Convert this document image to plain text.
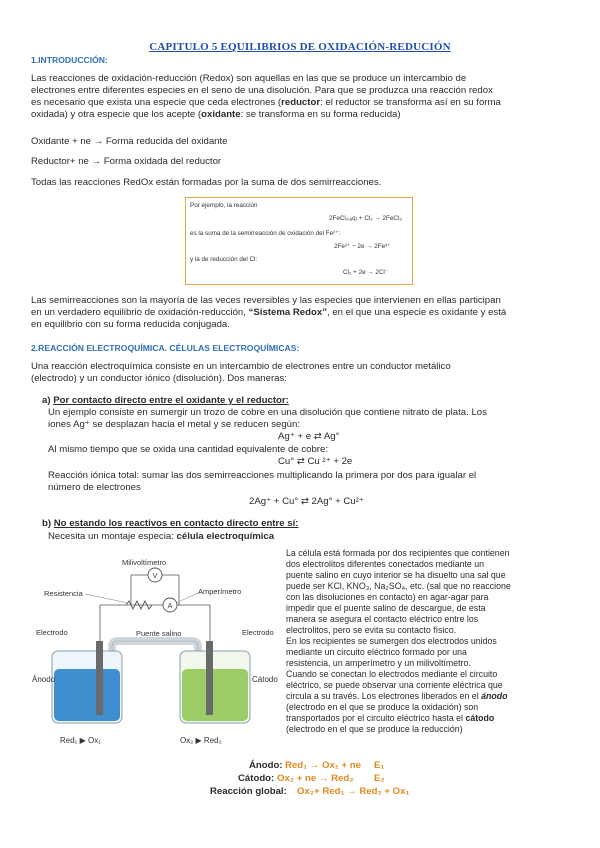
CAPITULO 5 EQUILIBRIOS DE OXIDACIÓN-REDUCIÓN
1.INTRODUCCIÓN:
Las reacciones de oxidación-reducción (Redox) son aquellas en las que se produce un intercambio de
electrones entre diferentes especies en el seno de una disolución. Para que se produzca una reacción redox
es necesario que exista una especie que ceda electrones (reductor: el reductor se transforma así en su forma
oxidada) y otra especie que los acepte (oxidante: se transforma en su forma reducida)
Oxidante + ne → Forma reducida del oxidante
Reductor+ ne → Forma oxidada del reductor
Todas las reacciones RedOx están formadas por la suma de dos semirreacciones.
Por ejemplo, la reacción
2FeCl₂₍ₐq₎ + Cl₂ → 2FeCl₃
es la suma de la semirreacción de oxidación del Fe²⁺:
2Fe²⁺ − 2e → 2Fe³⁺
y la de reducción del Cl:
Cl₂ + 2e → 2Cl⁻
Las semirreacciones son la mayoría de las veces reversibles y las especies que intervienen en ellas participan
en un verdadero equilibrio de oxidación-reducción, “Sistema Redox”, en el que una especie es oxidante y está
en equilibrio con su forma reducida conjugada.
2.REACCIÓN ELECTROQUÍMICA. CÉLULAS ELECTROQUÍMICAS:
Una reacción electroquímica consiste en un intercambio de electrones entre un conductor metálico
(electrodo) y un conductor iónico (disolución). Dos maneras:
a) Por contacto directo entre el oxidante y el reductor:
Un ejemplo consiste en sumergir un trozo de cobre en una disolución que contiene nitrato de plata. Los
iones Ag⁺ se desplazan hacia el metal y se reducen según:
Ag⁺ + e ⇄ Ag°
Al mismo tiempo que se oxida una cantidad equivalente de cobre:
Cu° ⇄ Cu ²⁺ + 2e
Reacción iónica total: sumar las dos semirreacciones multiplicando la primera por dos para igualar el
número de electrones
2Ag⁺ + Cu° ⇄ 2Ag° + Cu²⁺
b) No estando los reactivos en contacto directo entre sí:
Necesita un montaje especia: célula electroquímica
V
A
Milivoltímetro
Resistencia	Amperímetro
Electrodo	Electrodo
Puente salino
Ánodo	Cátodo
Red₁ ▶ Ox₁	Ox₂ ▶ Red₂
La célula está formada por dos recipientes que contienen
dos electrolitos diferentes conectados mediante un
puente salino en cuyo interior se ha disuelto una sal que
puede ser KCl, KNO₃, Na₂SO₄, etc. (sal que no reaccione
con las disoluciones en contacto) en agar-agar para
impedir que el puente salino de descargue, de esta
manera se asegura el contacto eléctrico entre los
electrolitos, pero se evita su contacto físico.
En los recipientes se sumergen dos electrodos unidos
mediante un circuito eléctrico formado por una
resistencia, un amperímetro y un milivoltímetro.
Cuando se conectan lo electrodos mediante el circuito
eléctrico, se puede observar una corriente eléctrica que
circula a su través. Los electrones liberados en el ánodo
(electrodo en el que se produce la oxidación) son
transportados por el circuito eléctrico hasta el cátodo
(electrodo en el que se produce la reducción)
Ánodo: Red₁ → Ox₁ + ne E₁
Cátodo: Ox₂ + ne → Red₂ E₂
Reacción global: Ox₂+ Red₁ → Red₂ + Ox₁
